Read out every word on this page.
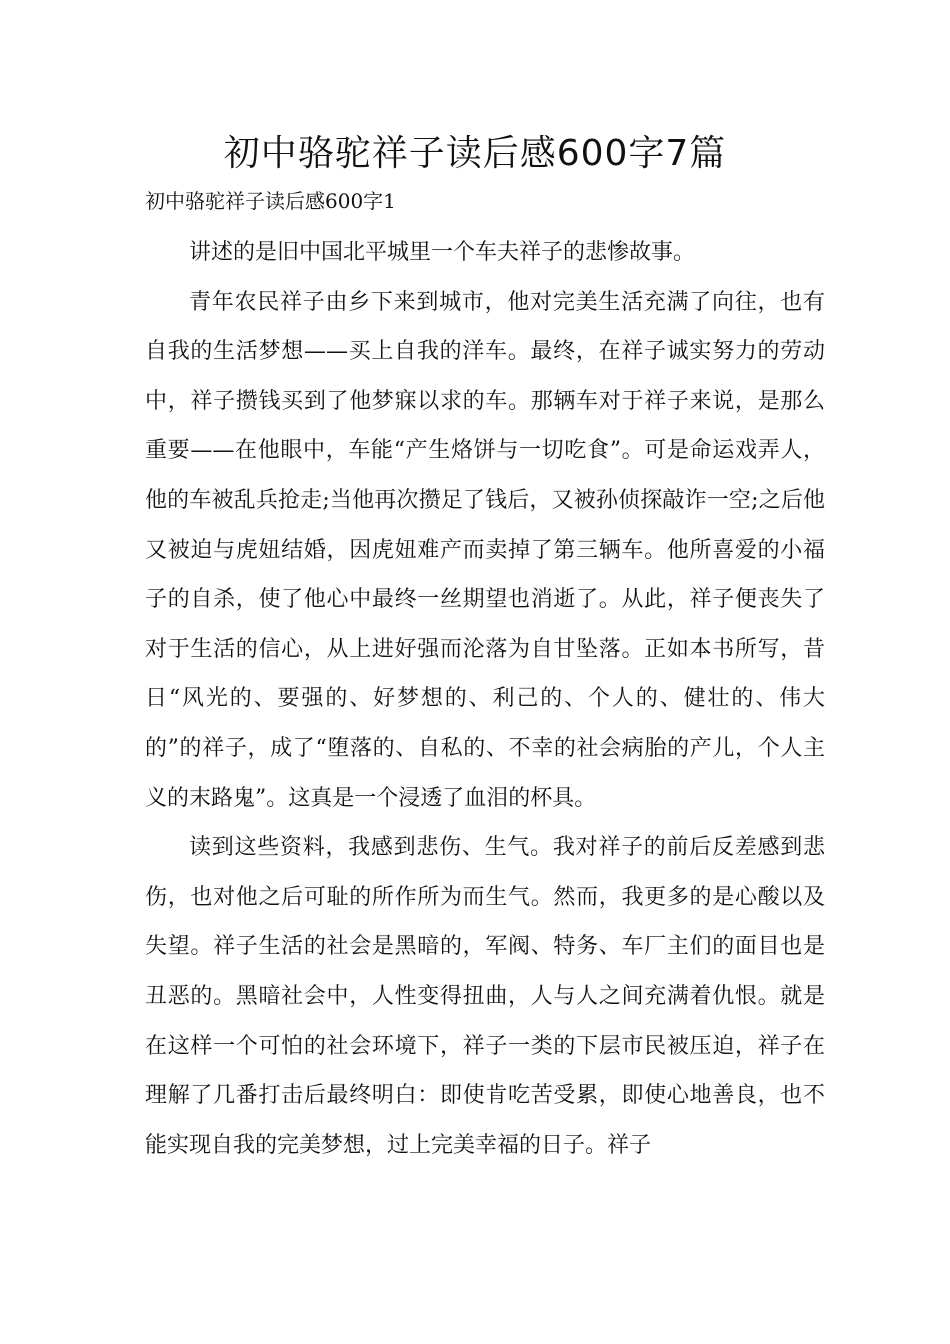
初中骆驼祥子读后感600字7篇

初中骆驼祥子读后感600字1

讲述的是旧中国北平城里一个车夫祥子的悲惨故事。

青年农民祥子由乡下来到城市，他对完美生活充满了向往，也有自我的生活梦想——买上自我的洋车。最终，在祥子诚实努力的劳动中，祥子攒钱买到了他梦寐以求的车。那辆车对于祥子来说，是那么重要——在他眼中，车能“产生烙饼与一切吃食”。可是命运戏弄人，他的车被乱兵抢走;当他再次攒足了钱后，又被孙侦探敲诈一空;之后他又被迫与虎妞结婚，因虎妞难产而卖掉了第三辆车。他所喜爱的小福子的自杀，使了他心中最终一丝期望也消逝了。从此，祥子便丧失了对于生活的信心，从上进好强而沦落为自甘坠落。正如本书所写，昔日“风光的、要强的、好梦想的、利己的、个人的、健壮的、伟大的”的祥子，成了“堕落的、自私的、不幸的社会病胎的产儿，个人主义的末路鬼”。这真是一个浸透了血泪的杯具。

读到这些资料，我感到悲伤、生气。我对祥子的前后反差感到悲伤，也对他之后可耻的所作所为而生气。然而，我更多的是心酸以及失望。祥子生活的社会是黑暗的，军阀、特务、车厂主们的面目也是丑恶的。黑暗社会中，人性变得扭曲，人与人之间充满着仇恨。就是在这样一个可怕的社会环境下，祥子一类的下层市民被压迫，祥子在理解了几番打击后最终明白：即使肯吃苦受累，即使心地善良，也不能实现自我的完美梦想，过上完美幸福的日子。祥子
